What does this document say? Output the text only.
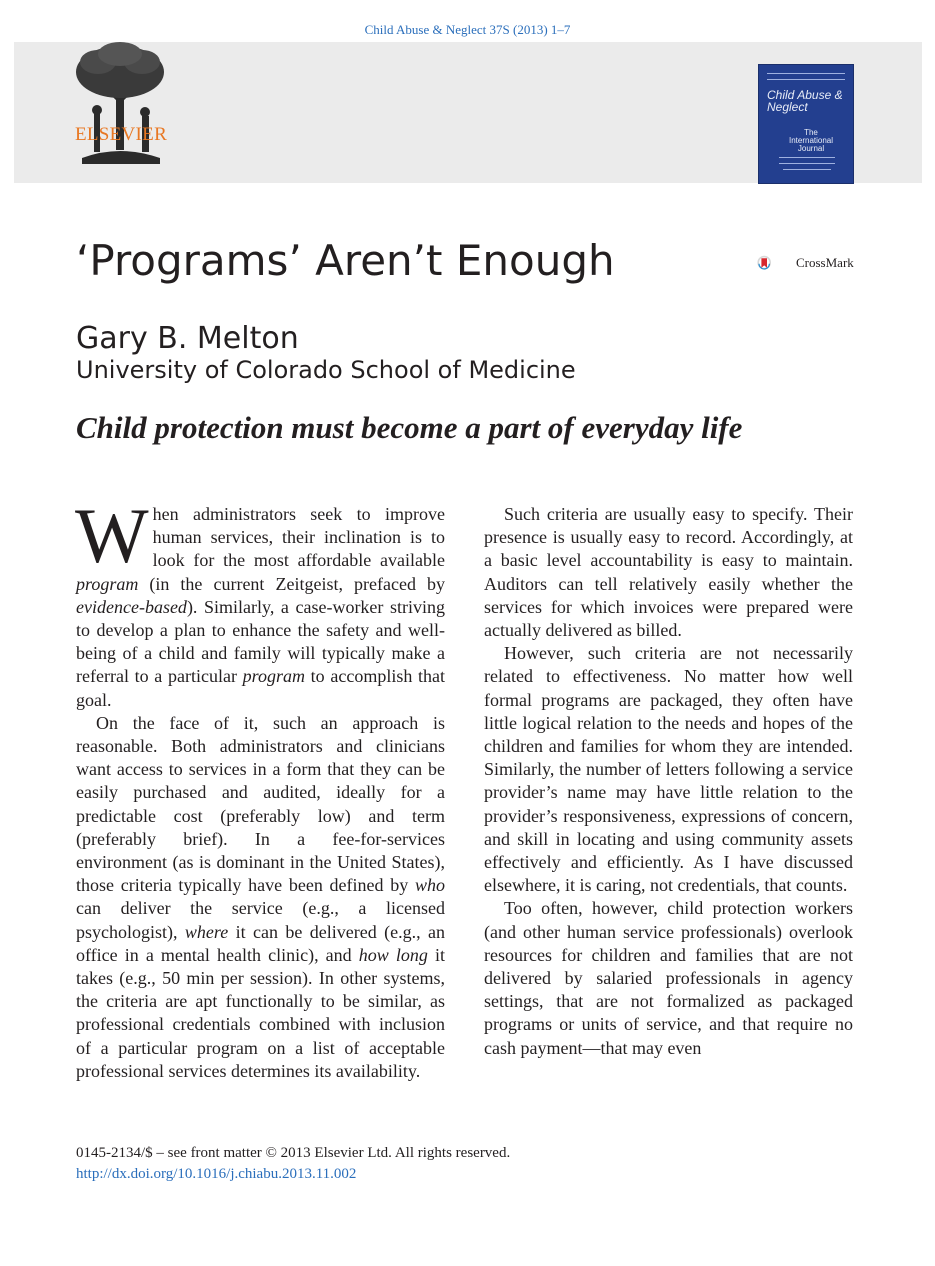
Child Abuse & Neglect 37S (2013) 1–7
ELSEVIER
Child Abuse & Neglect
The International Journal
‘Programs’ Aren’t Enough	CrossMark
Gary B. Melton
University of Colorado School of Medicine
Child protection must become a part of everyday life

When administrators seek to improve human services, their inclination is to look for the most affordable available program (in the current Zeitgeist, prefaced by evidence-based). Similarly, a case-worker striving to develop a plan to enhance the safety and well-being of a child and family will typically make a referral to a particular program to accomplish that goal.

On the face of it, such an approach is reasonable. Both administrators and clinicians want access to services in a form that they can be easily purchased and audited, ideally for a predictable cost (preferably low) and term (preferably brief). In a fee-for-services environment (as is dominant in the United States), those criteria typically have been defined by who can deliver the service (e.g., a licensed psychologist), where it can be delivered (e.g., an office in a mental health clinic), and how long it takes (e.g., 50 min per session). In other systems, the criteria are apt functionally to be similar, as professional credentials combined with inclusion of a particular program on a list of acceptable professional services determines its availability.

Such criteria are usually easy to specify. Their presence is usually easy to record. Accordingly, at a basic level accountability is easy to maintain. Auditors can tell relatively easily whether the services for which invoices were prepared were actually delivered as billed.

However, such criteria are not necessarily related to effectiveness. No matter how well formal programs are packaged, they often have little logical relation to the needs and hopes of the children and families for whom they are intended. Similarly, the number of letters following a service provider’s name may have little relation to the provider’s responsiveness, expressions of concern, and skill in locating and using community assets effectively and efficiently. As I have discussed elsewhere, it is caring, not credentials, that counts.

Too often, however, child protection workers (and other human service professionals) overlook resources for children and families that are not delivered by salaried professionals in agency settings, that are not formalized as packaged programs or units of service, and that require no cash payment—that may even

0145-2134/$ – see front matter © 2013 Elsevier Ltd. All rights reserved.
http://dx.doi.org/10.1016/j.chiabu.2013.11.002
